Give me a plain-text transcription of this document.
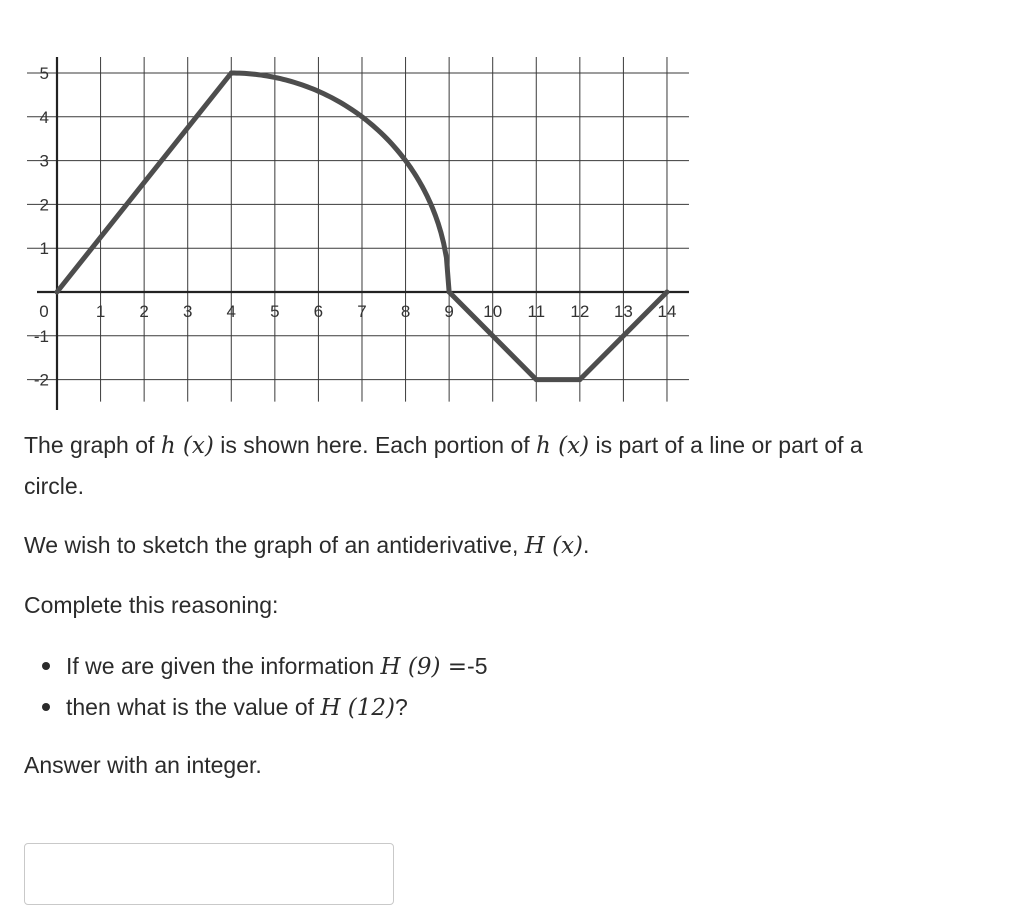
0	1 2 3 4 5 6 7 8 9 10 11 12 13 14
-2
-1
1
2
3
4
5

The graph of h (x) is shown here. Each portion of h (x) is part of a line or part of a
circle.

We wish to sketch the graph of an antiderivative, H (x).

Complete this reasoning:

If we are given the information H (9) =-5
then what is the value of H (12)?

Answer with an integer.
